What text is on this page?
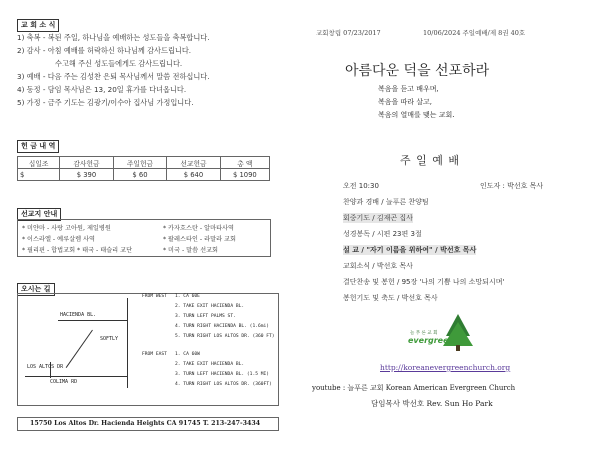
교 회 소 식
1) 축복 - 복된 주일, 하나님을 예배하는 성도들을 축복합니다.
2) 감사 - 아침 예배를 허락하신 하나님께 감사드립니다.
수고해 주신 성도들에게도 감사드립니다.
3) 예배 - 다음 주는 김성찬 은퇴 목사님께서 말씀 전하십니다.
4) 동정 - 담임 목사님은 13, 20일 휴가를 다녀옵니다.
5) 가정 - 금주 기도는 김광기/이수아 집사님 가정입니다.
헌 금 내 역
십일조	감사헌금	주일헌금	선교헌금	총 액
$	$ 390	$ 60	$ 640	$ 1090
선교지 안내
* 미얀마 - 사랑 고아원, 제일병원	* 카자흐스탄 - 알마타사역
* 이스라엘 - 예루살렘 사역	* 팔레스타인 - 라말라 교회
* 필리핀 - 합법교회 * 태국 - 태슬리 교단	* 미국 - 말씀 선교회
오시는 길
HACIENDA BL.
SOFTLY
LOS ALTOS DR
COLIMA RD
FROM WEST 1. CA 60E
2. TAKE EXIT HACIENDA BL.
3. TURN LEFT PALMS ST.
4. TURN RIGHT HACIENDA BL. (1.6mi)
5. TURN RIGHT LOS ALTOS DR. (360 FT)
FROM EAST 1. CA 60W
2. TAKE EXIT HACIENDA BL.
3. TURN LEFT HACIENDA BL. (1.5 MI)
4. TURN RIGHT LOS ALTOS DR. (360FT)
15750 Los Altos Dr. Hacienda Heights CA 91745 T. 213-247-3434
교회창립 07/23/2017	10/06/2024 주일예배/제 8권 40호
아름다운 덕을 선포하라
복음을 듣고 배우며,
복음을 따라 살고,
복음의 열매를 맺는 교회.
주 일 예 배
오전 10:30	인도자 : 박선호 목사
찬양과 경배 / 늘푸른 찬양팀
회중기도 / 김재곤 집사
성경봉독 / 시편 23편 3절
설 교 / "자기 이름을 위하여" / 박선호 목사
교회소식 / 박선호 목사
결단찬송 및 봉헌 / 95장 '나의 기쁨 나의 소망되시며'
봉헌기도 및 축도 / 박선호 목사
늘 푸 른 교 회
evergreen
http://koreanevergreenchurch.org
youtube : 늘푸른 교회 Korean American Evergreen Church
담임목사 박선호 Rev. Sun Ho Park
